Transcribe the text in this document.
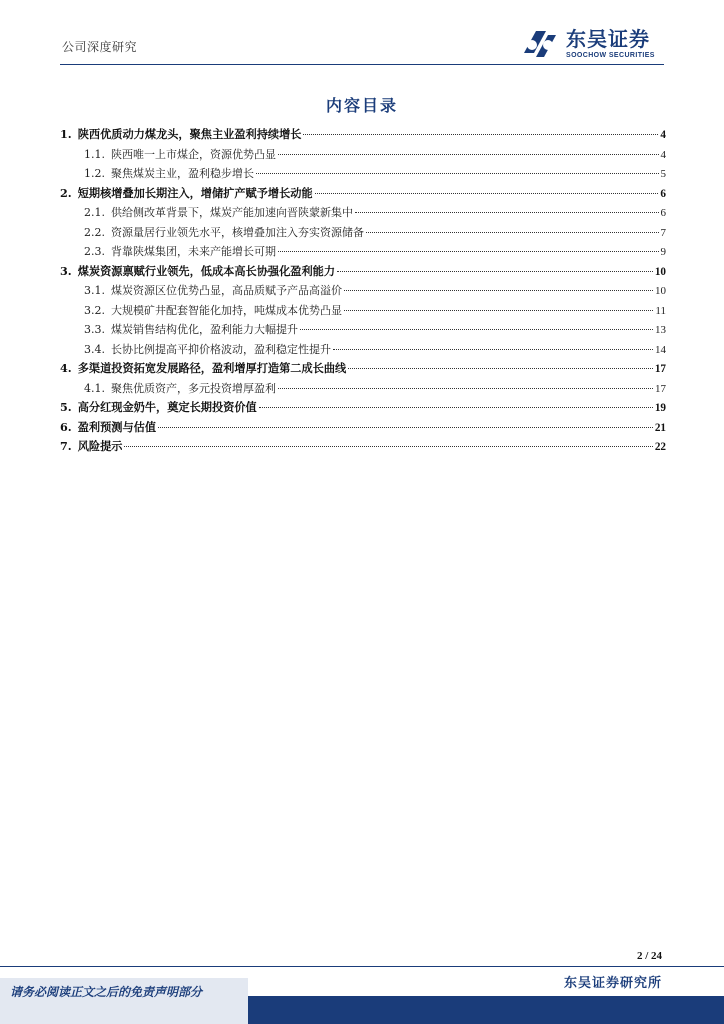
公司深度研究	东吴证券
SOOCHOW SECURITIES
内容目录
1. 陕西优质动力煤龙头，聚焦主业盈利持续增长	4
1.1. 陕西唯一上市煤企，资源优势凸显	4
1.2. 聚焦煤炭主业，盈利稳步增长	5
2. 短期核增叠加长期注入，增储扩产赋予增长动能	6
2.1. 供给侧改革背景下，煤炭产能加速向晋陕蒙新集中	6
2.2. 资源量居行业领先水平，核增叠加注入夯实资源储备	7
2.3. 背靠陕煤集团，未来产能增长可期	9
3. 煤炭资源禀赋行业领先，低成本高长协强化盈利能力	10
3.1. 煤炭资源区位优势凸显，高品质赋予产品高溢价	10
3.2. 大规模矿井配套智能化加持，吨煤成本优势凸显	11
3.3. 煤炭销售结构优化，盈利能力大幅提升	13
3.4. 长协比例提高平抑价格波动，盈利稳定性提升	14
4. 多渠道投资拓宽发展路径，盈利增厚打造第二成长曲线	17
4.1. 聚焦优质资产，多元投资增厚盈利	17
5. 高分红现金奶牛，奠定长期投资价值	19
6. 盈利预测与估值	21
7. 风险提示	22
2 / 24
东吴证券研究所
请务必阅读正文之后的免责声明部分
